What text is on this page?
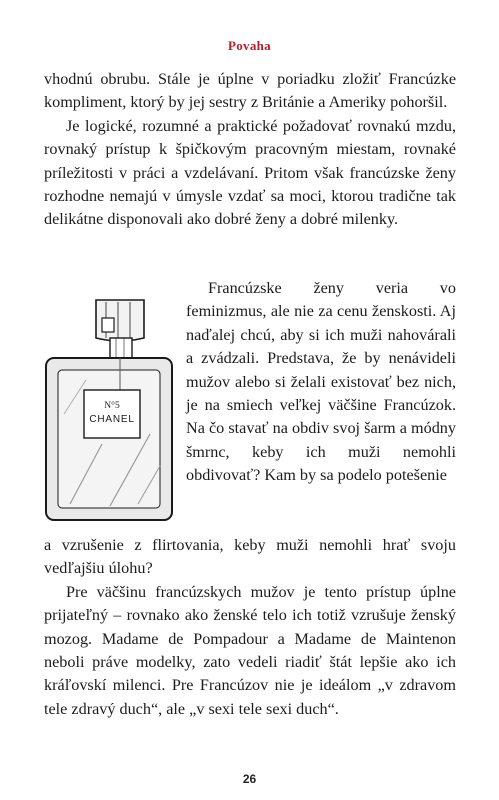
Povaha

vhodnú obrubu. Stále je úplne v poriadku zložiť Francúzke kompliment, ktorý by jej sestry z Británie a Ameriky pohoršil.

Je logické, rozumné a praktické požadovať rovnakú mzdu, rovnaký prístup k špičkovým pracovným miestam, rovnaké príležitosti v práci a vzdelávaní. Pritom však francúzske ženy rozhodne nemajú v úmysle vzdať sa moci, ktorou tradične tak delikátne disponovali ako dobré ženy a dobré milenky.

N°5
CHANEL

Francúzske ženy veria vo feminizmus, ale nie za cenu ženskosti. Aj naďalej chcú, aby si ich muži nahovárali a zvádzali. Predstava, že by nenávideli mužov alebo si želali existovať bez nich, je na smiech veľkej väčšine Francúzok. Na čo stavať na obdiv svoj šarm a módny šmrnc, keby ich muži nemohli obdivovať? Kam by sa podelo potešenie

a vzrušenie z flirtovania, keby muži nemohli hrať svoju vedľajšiu úlohu?

Pre väčšinu francúzskych mužov je tento prístup úplne prijateľný – rovnako ako ženské telo ich totiž vzrušuje ženský mozog. Madame de Pompadour a Madame de Maintenon neboli práve modelky, zato vedeli riadiť štát lepšie ako ich kráľovskí milenci. Pre Francúzov nie je ideálom „v zdravom tele zdravý duch“, ale „v sexi tele sexi duch“.

26
